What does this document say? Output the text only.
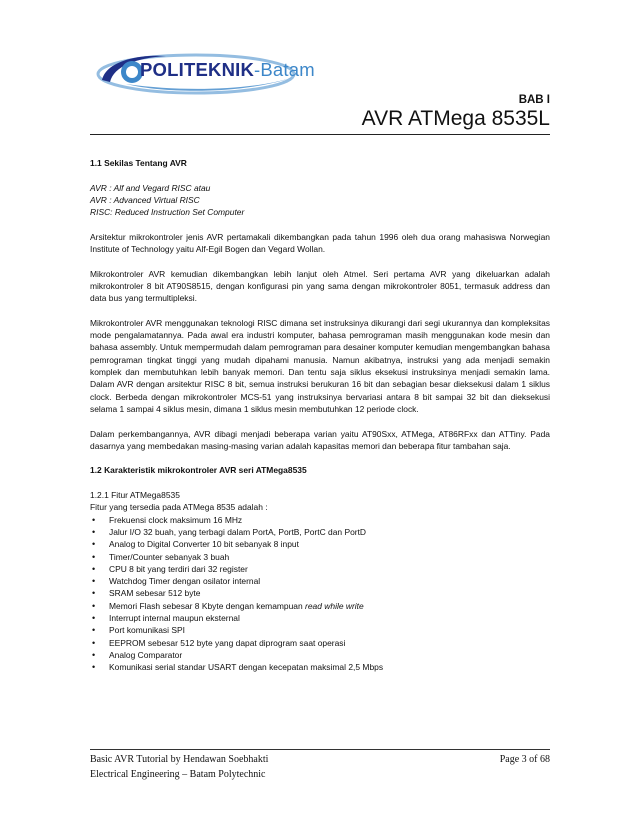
POLITEKNIK-Batam
BAB I
AVR ATMega 8535L

1.1 Sekilas Tentang AVR

AVR : Alf and Vegard RISC atau

AVR : Advanced Virtual RISC

RISC: Reduced Instruction Set Computer

Arsitektur mikrokontroler jenis AVR pertamakali dikembangkan pada tahun 1996 oleh dua orang mahasiswa Norwegian Institute of Technology yaitu Alf-Egil Bogen dan Vegard Wollan.

Mikrokontroler AVR kemudian dikembangkan lebih lanjut oleh Atmel. Seri pertama AVR yang dikeluarkan adalah mikrokontroler 8 bit AT90S8515, dengan konfigurasi pin yang sama dengan mikrokontroler 8051, termasuk address dan data bus yang termultipleksi.

Mikrokontroler AVR menggunakan teknologi RISC dimana set instruksinya dikurangi dari segi ukurannya dan kompleksitas mode pengalamatannya. Pada awal era industri komputer, bahasa pemrograman masih menggunakan kode mesin dan bahasa assembly. Untuk mempermudah dalam pemrograman para desainer komputer kemudian mengembangkan bahasa pemrograman tingkat tinggi yang mudah dipahami manusia. Namun akibatnya, instruksi yang ada menjadi semakin komplek dan membutuhkan lebih banyak memori. Dan tentu saja siklus eksekusi instruksinya menjadi semakin lama. Dalam AVR dengan arsitektur RISC 8 bit, semua instruksi berukuran 16 bit dan sebagian besar dieksekusi dalam 1 siklus clock. Berbeda dengan mikrokontroler MCS-51 yang instruksinya bervariasi antara 8 bit sampai 32 bit dan dieksekusi selama 1 sampai 4 siklus mesin, dimana 1 siklus mesin membutuhkan 12 periode clock.

Dalam perkembangannya, AVR dibagi menjadi beberapa varian yaitu AT90Sxx, ATMega, AT86RFxx dan ATTiny. Pada dasarnya yang membedakan masing-masing varian adalah kapasitas memori dan beberapa fitur tambahan saja.

1.2 Karakteristik mikrokontroler AVR seri ATMega8535

1.2.1 Fitur ATMega8535

Fitur yang tersedia pada ATMega 8535 adalah :

• Frekuensi clock maksimum 16 MHz
• Jalur I/O 32 buah, yang terbagi dalam PortA, PortB, PortC dan PortD
• Analog to Digital Converter 10 bit sebanyak 8 input
• Timer/Counter sebanyak 3 buah
• CPU 8 bit yang terdiri dari 32 register
• Watchdog Timer dengan osilator internal
• SRAM sebesar 512 byte
• Memori Flash sebesar 8 Kbyte dengan kemampuan read while write
• Interrupt internal maupun eksternal
• Port komunikasi SPI
• EEPROM sebesar 512 byte yang dapat diprogram saat operasi
• Analog Comparator
• Komunikasi serial standar USART dengan kecepatan maksimal 2,5 Mbps
Basic AVR Tutorial by Hendawan Soebhakti
Electrical Engineering – Batam Polytechnic
Page 3 of 68
